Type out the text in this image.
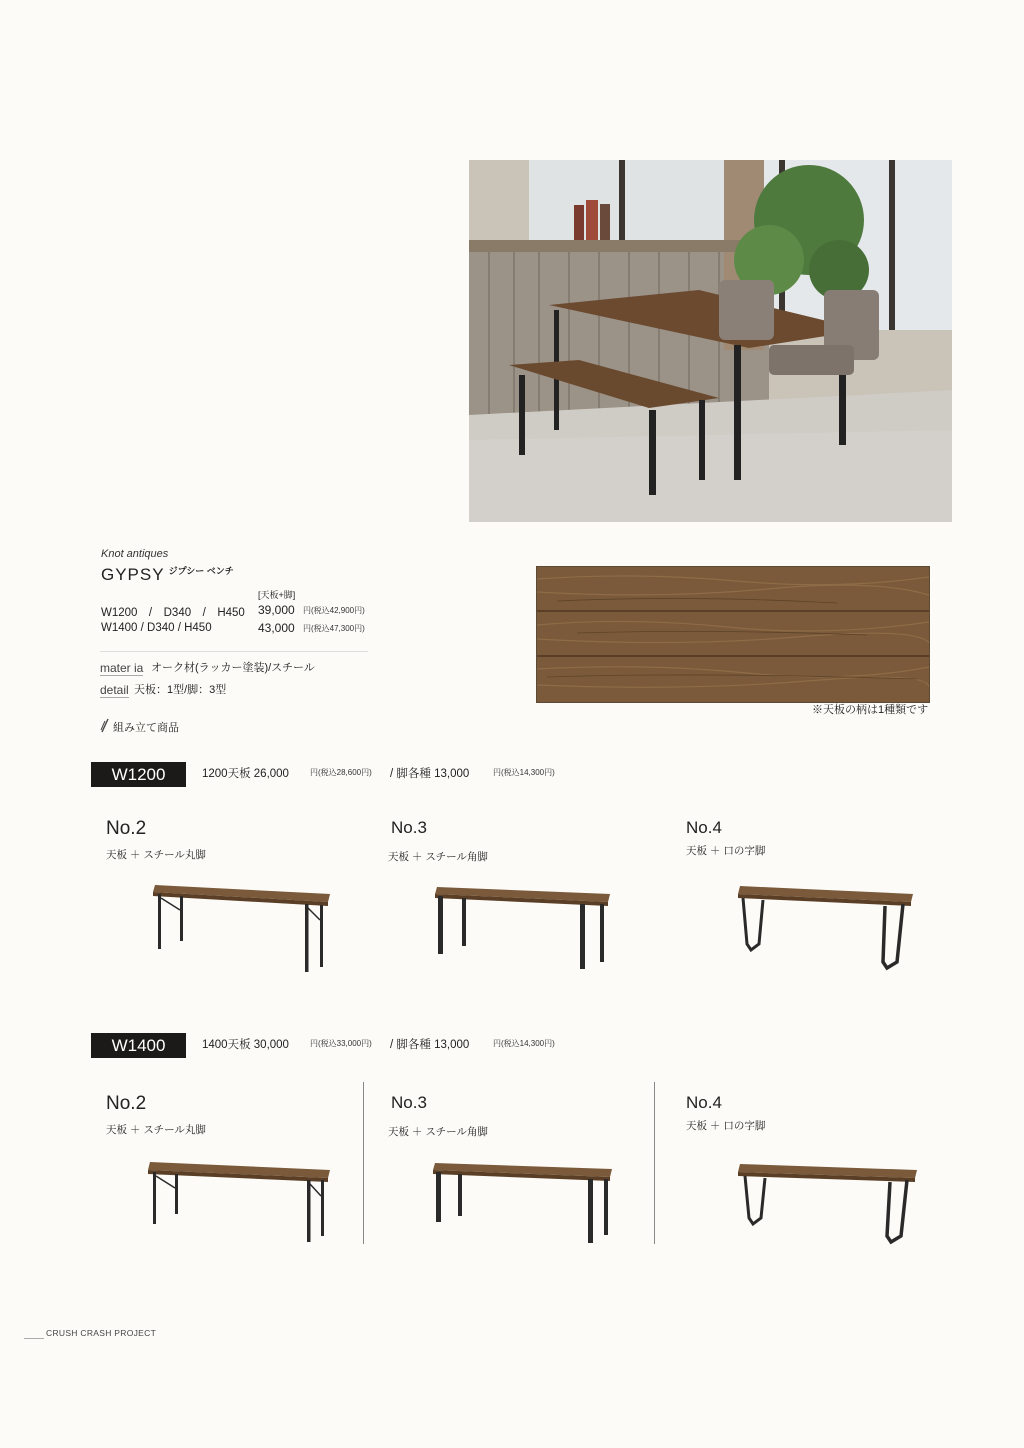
Knot antiques
GYPSY $^{ジプシー ベンチ}$
[天板+脚]
W1200　/　D340　/　H450 39,000 円(税込42,900円)
W1400 / D340 / H450	43,000 円(税込47,300円)
mater ia オーク材(ラッカー塗装)/スチール
detail 天板：1型/脚：3型
組み立て商品
※天板の柄は1種類です
W1200	1200天板 26,000	円(税込28,600円) / 脚各種 13,000	円(税込14,300円)
No.2
天板 ＋ スチール丸脚
No.3
天板 ＋ スチール角脚
No.4
天板 ＋ 口の字脚
W1400	1400天板 30,000	円(税込33,000円) / 脚各種 13,000	円(税込14,300円)
No.2
天板 ＋ スチール丸脚
No.3
天板 ＋ スチール角脚
No.4
天板 ＋ 口の字脚
CRUSH CRASH PROJECT
